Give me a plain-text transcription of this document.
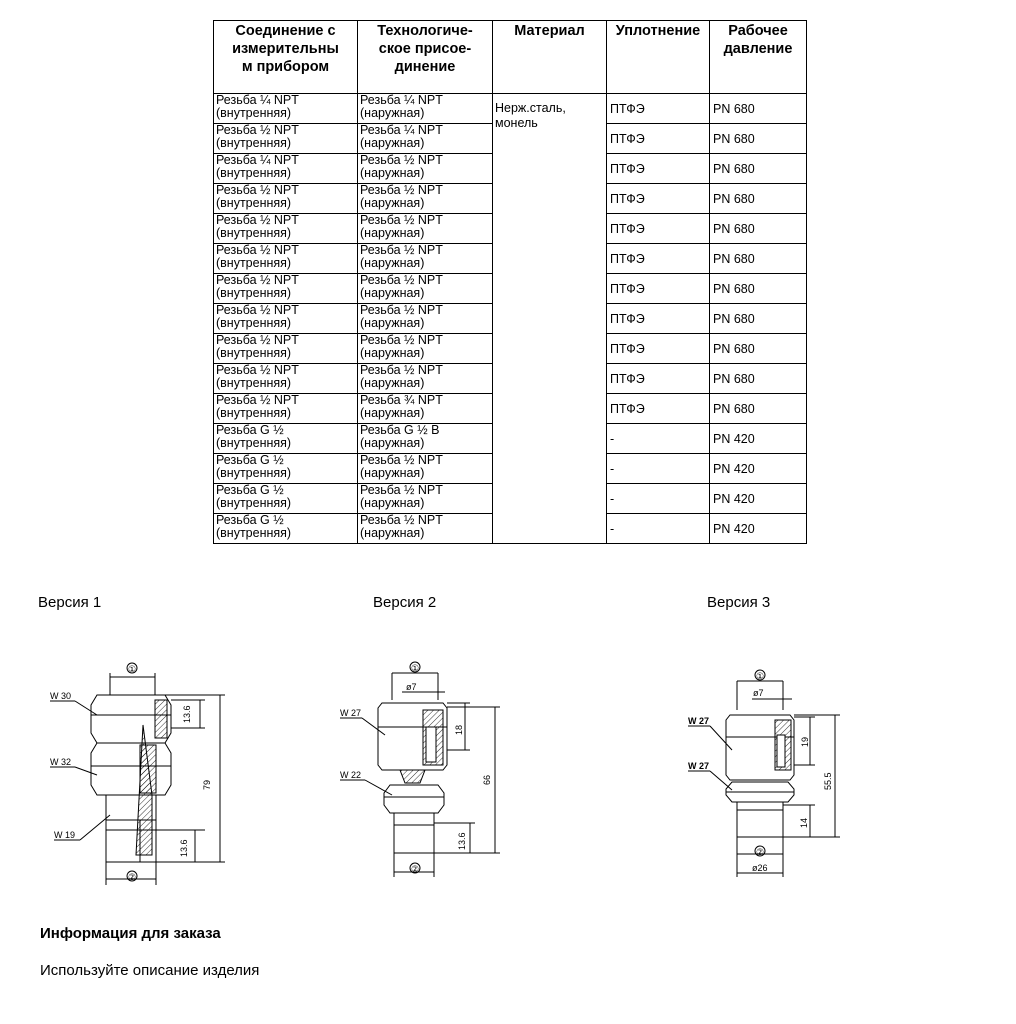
Соединение с
измерительны
м прибором	Технологиче-
ское присое-
динение	Материал	Уплотнение	Рабочее
давление
Резьба ¼ NPT
(внутренняя)	Резьба ¼ NPT
(наружная)	Нерж.сталь,
монель	ПТФЭ	PN 680
Резьба ½ NPT
(внутренняя)	Резьба ¼ NPT
(наружная)		ПТФЭ	PN 680
Резьба ¼ NPT
(внутренняя)	Резьба ½ NPT
(наружная)		ПТФЭ	PN 680
Резьба ½ NPT
(внутренняя)	Резьба ½ NPT
(наружная)		ПТФЭ	PN 680
Резьба ½ NPT
(внутренняя)	Резьба ½ NPT
(наружная)		ПТФЭ	PN 680
Резьба ½ NPT
(внутренняя)	Резьба ½ NPT
(наружная)		ПТФЭ	PN 680
Резьба ½ NPT
(внутренняя)	Резьба ½ NPT
(наружная)		ПТФЭ	PN 680
Резьба ½ NPT
(внутренняя)	Резьба ½ NPT
(наружная)		ПТФЭ	PN 680
Резьба ½ NPT
(внутренняя)	Резьба ½ NPT
(наружная)		ПТФЭ	PN 680
Резьба ½ NPT
(внутренняя)	Резьба ½ NPT
(наружная)		ПТФЭ	PN 680
Резьба ½ NPT
(внутренняя)	Резьба ¾ NPT
(наружная)		ПТФЭ	PN 680
Резьба G ½
(внутренняя)	Резьба G ½ B
(наружная)		-	PN 420
Резьба G ½
(внутренняя)	Резьба ½ NPT
(наружная)		-	PN 420
Резьба G ½
(внутренняя)	Резьба ½ NPT
(наружная)		-	PN 420
Резьба G ½
(внутренняя)	Резьба ½ NPT
(наружная)		-	PN 420
Версия 1	Версия 2	Версия 3
①
13.6
79
13.6
②
W 30
W 32
W 19
①
ø7
18
66
13.6
②
W 27
W 22
①
ø7
19
55.5
14
②
ø26
W 27
W 27
Информация для заказа

Используйте описание изделия
